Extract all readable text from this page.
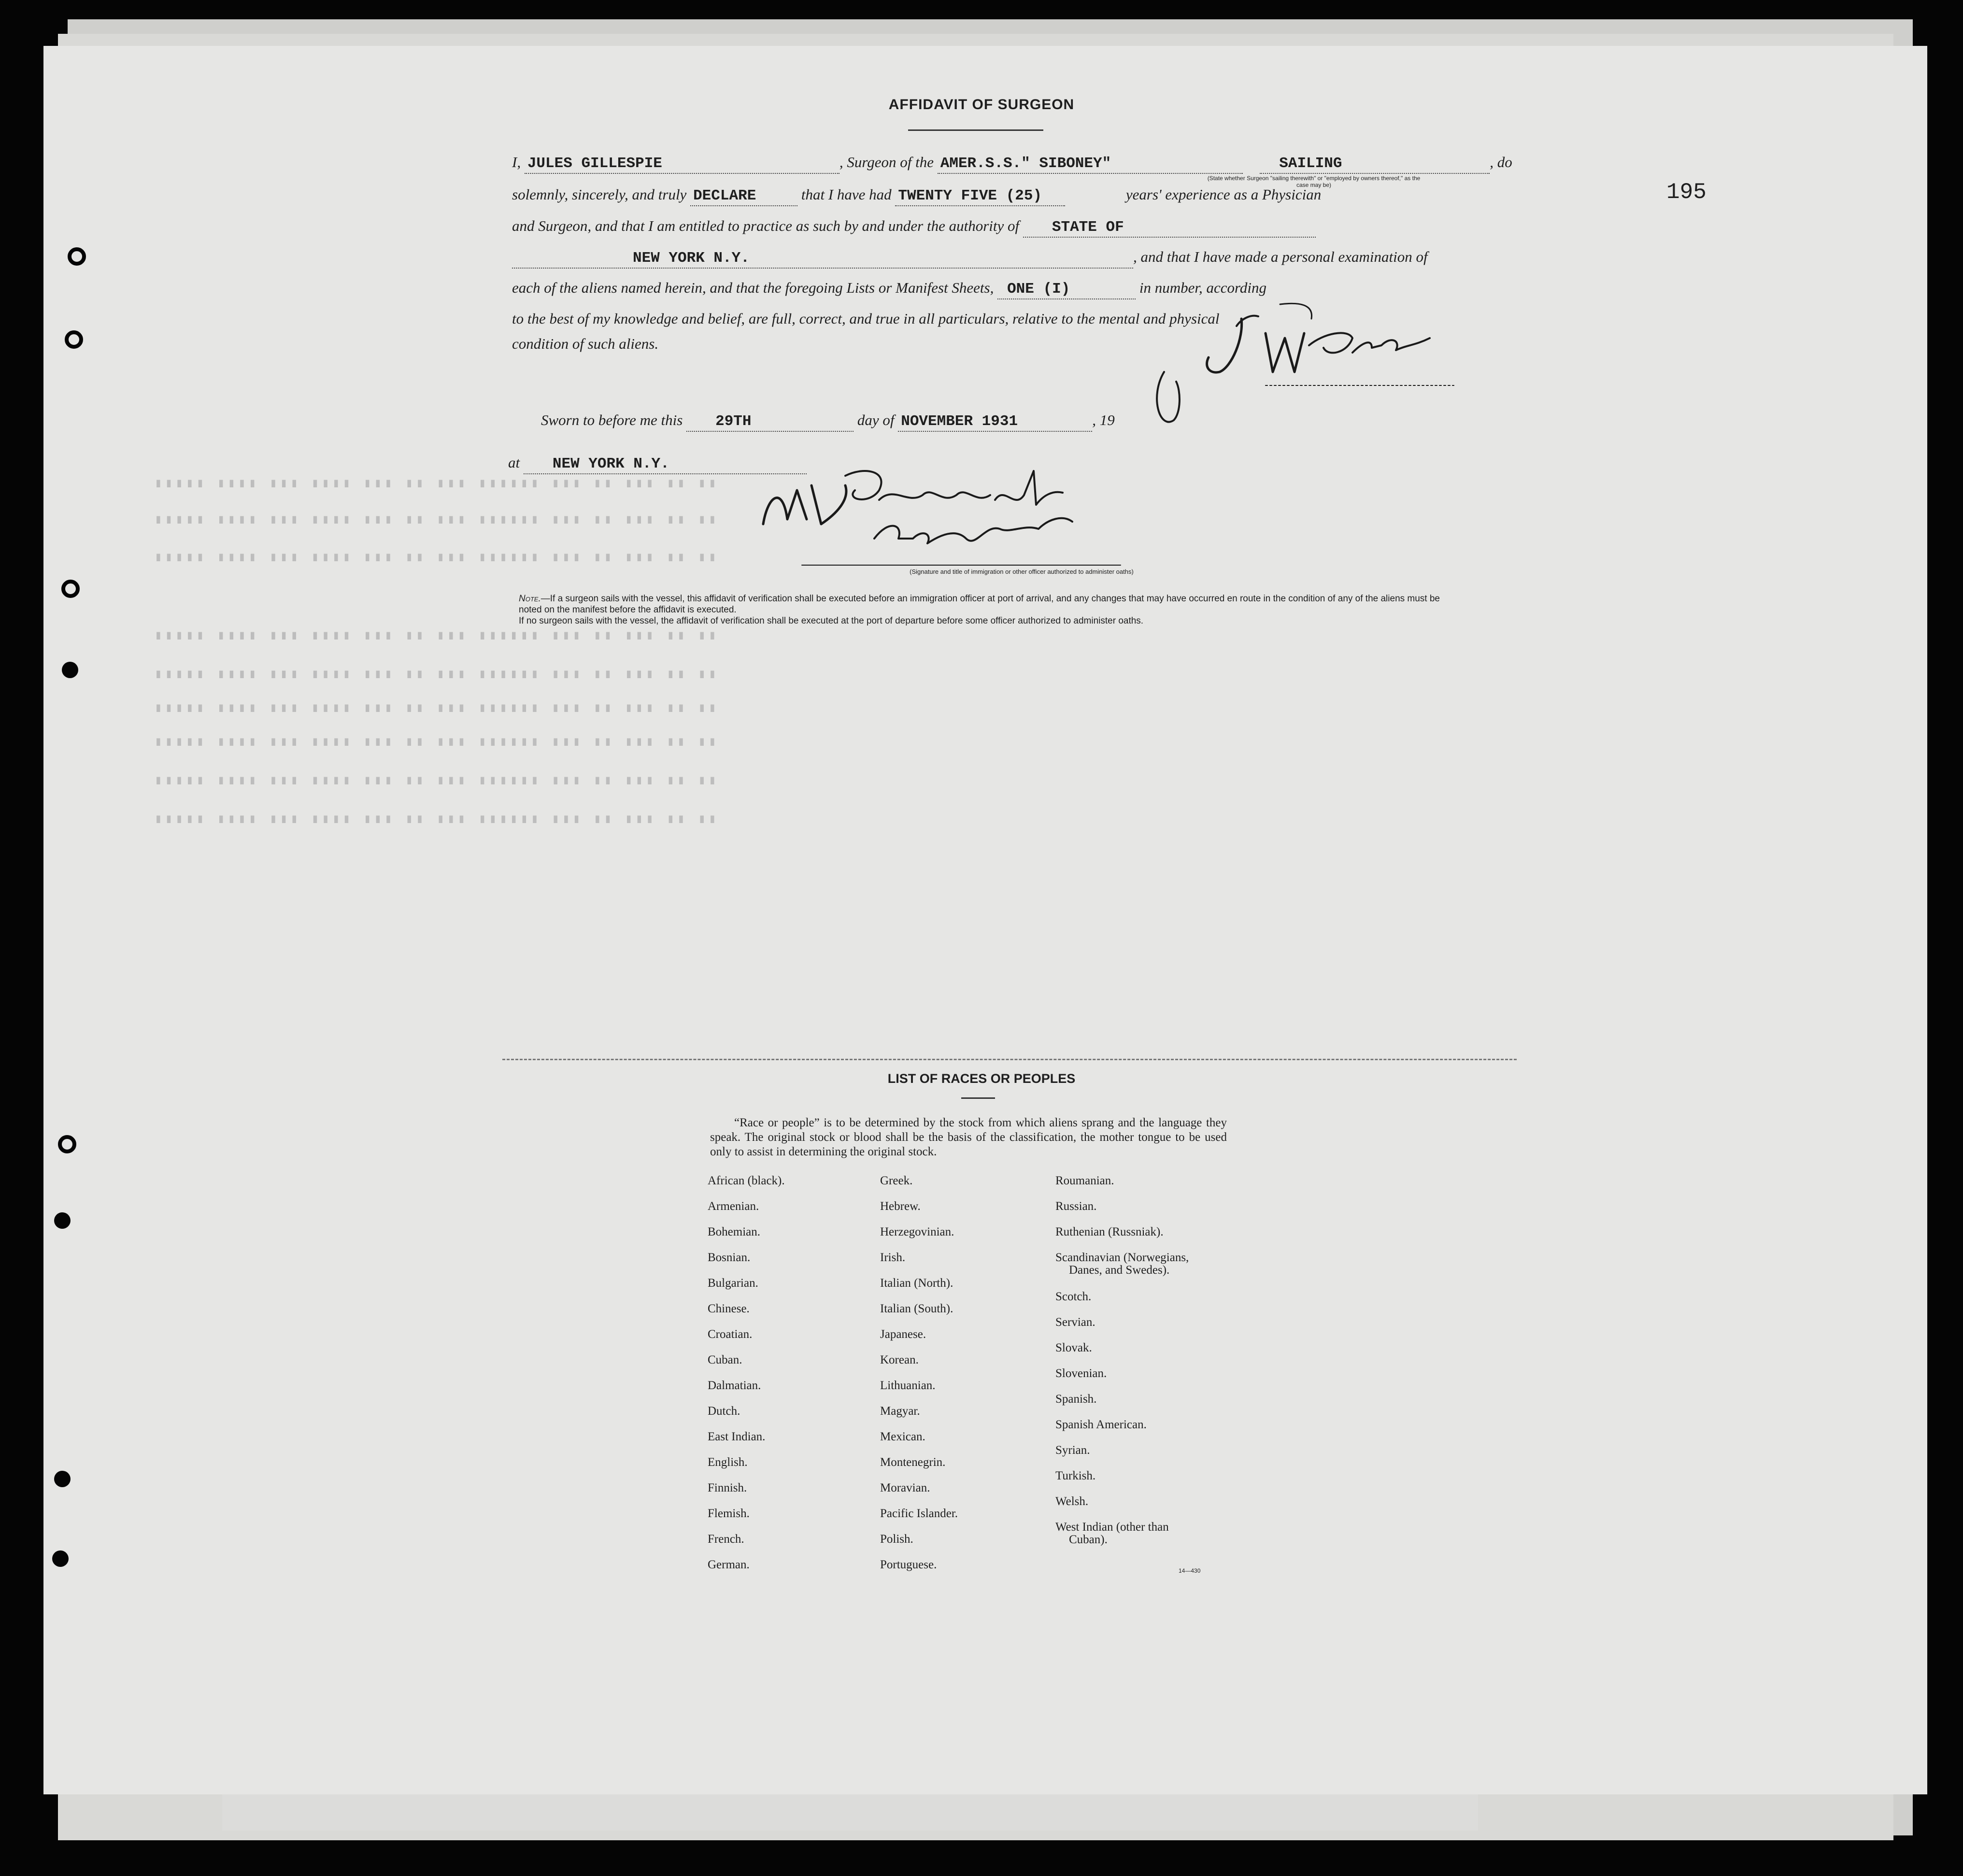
▮▮▮▮▮ ▮▮▮▮ ▮▮▮ ▮▮▮▮ ▮▮▮ ▮▮ ▮▮▮ ▮▮▮▮▮▮ ▮▮▮ ▮▮ ▮▮▮ ▮▮ ▮▮
▮▮▮▮▮ ▮▮▮▮ ▮▮▮ ▮▮▮▮ ▮▮▮ ▮▮ ▮▮▮ ▮▮▮▮▮▮ ▮▮▮ ▮▮ ▮▮▮ ▮▮ ▮▮
▮▮▮▮▮ ▮▮▮▮ ▮▮▮ ▮▮▮▮ ▮▮▮ ▮▮ ▮▮▮ ▮▮▮▮▮▮ ▮▮▮ ▮▮ ▮▮▮ ▮▮ ▮▮
▮▮▮▮▮ ▮▮▮▮ ▮▮▮ ▮▮▮▮ ▮▮▮ ▮▮ ▮▮▮ ▮▮▮▮▮▮ ▮▮▮ ▮▮ ▮▮▮ ▮▮ ▮▮
▮▮▮▮▮ ▮▮▮▮ ▮▮▮ ▮▮▮▮ ▮▮▮ ▮▮ ▮▮▮ ▮▮▮▮▮▮ ▮▮▮ ▮▮ ▮▮▮ ▮▮ ▮▮
▮▮▮▮▮ ▮▮▮▮ ▮▮▮ ▮▮▮▮ ▮▮▮ ▮▮ ▮▮▮ ▮▮▮▮▮▮ ▮▮▮ ▮▮ ▮▮▮ ▮▮ ▮▮
▮▮▮▮▮ ▮▮▮▮ ▮▮▮ ▮▮▮▮ ▮▮▮ ▮▮ ▮▮▮ ▮▮▮▮▮▮ ▮▮▮ ▮▮ ▮▮▮ ▮▮ ▮▮
▮▮▮▮▮ ▮▮▮▮ ▮▮▮ ▮▮▮▮ ▮▮▮ ▮▮ ▮▮▮ ▮▮▮▮▮▮ ▮▮▮ ▮▮ ▮▮▮ ▮▮ ▮▮
▮▮▮▮▮ ▮▮▮▮ ▮▮▮ ▮▮▮▮ ▮▮▮ ▮▮ ▮▮▮ ▮▮▮▮▮▮ ▮▮▮ ▮▮ ▮▮▮ ▮▮ ▮▮
195
AFFIDAVIT OF SURGEON
I, JULES GILLESPIE	, Surgeon of the AMER.S.S." SIBONEY"	SAILING	, do
(State whether Surgeon "sailing therewith" or "employed by owners thereof," as the case may be)
solemnly, sincerely, and truly DECLARE	that I have had TWENTY FIVE (25)	years' experience as a Physician
and Surgeon, and that I am entitled to practice as such by and under the authority of STATE OF
NEW YORK N.Y.	, and that I have made a personal examination of
each of the aliens named herein, and that the foregoing Lists or Manifest Sheets, ONE (I)	in number, according
to the best of my knowledge and belief, are full, correct, and true in all particulars, relative to the mental and physical
condition of such aliens.
Sworn to before me this 29TH	day of NOVEMBER 1931	, 19
at NEW YORK N.Y.
(Signature and title of immigration or other officer authorized to administer oaths)
Note.—If a surgeon sails with the vessel, this affidavit of verification shall be executed before an immigration officer at port of arrival, and any changes that may have occurred en route in the condition of any of the aliens must be noted on the manifest before the affidavit is executed.
If no surgeon sails with the vessel, the affidavit of verification shall be executed at the port of departure before some officer authorized to administer oaths.
LIST OF RACES OR PEOPLES
“Race or people” is to be determined by the stock from which aliens sprang and the language they speak. The original stock or blood shall be the basis of the classification, the mother tongue to be used only to assist in determining the original stock.
African (black).
Armenian.
Bohemian.
Bosnian.
Bulgarian.
Chinese.
Croatian.
Cuban.
Dalmatian.
Dutch.
East Indian.
English.
Finnish.
Flemish.
French.
German.
Greek.
Hebrew.
Herzegovinian.
Irish.
Italian (North).
Italian (South).
Japanese.
Korean.
Lithuanian.
Magyar.
Mexican.
Montenegrin.
Moravian.
Pacific Islander.
Polish.
Portuguese.
Roumanian.
Russian.
Ruthenian (Russniak).
Scandinavian (Norwegians,
Danes, and Swedes).
Scotch.
Servian.
Slovak.
Slovenian.
Spanish.
Spanish American.
Syrian.
Turkish.
Welsh.
West Indian (other than
Cuban).
14—430
